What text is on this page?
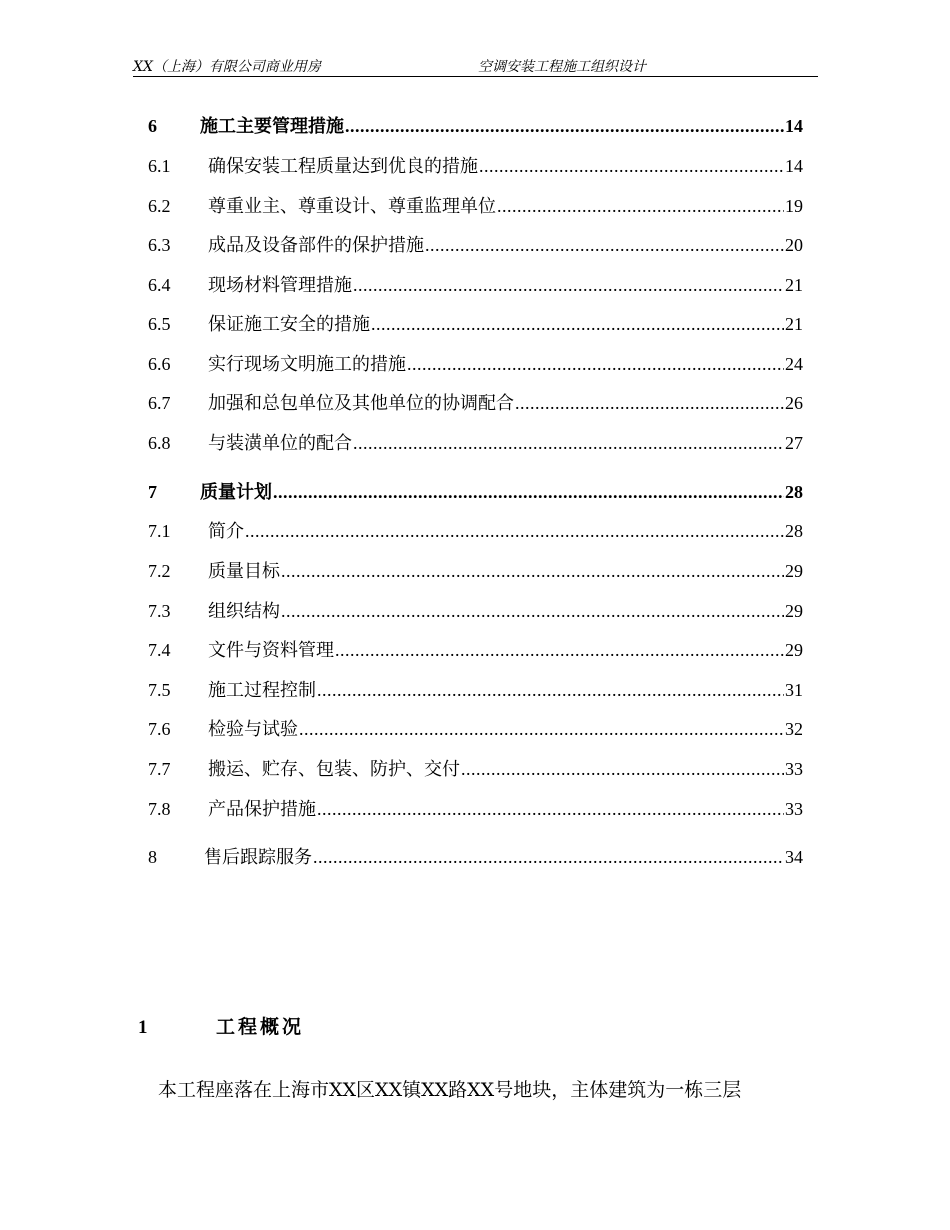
XX（上海）有限公司商业用房	空调安装工程施工组织设计
6	施工主要管理措施 .....	14
6.1	确保安装工程质量达到优良的措施 .....	14
6.2	尊重业主、尊重设计、尊重监理单位 .....	19
6.3	成品及设备部件的保护措施 .....	20
6.4	现场材料管理措施 .....	21
6.5	保证施工安全的措施 .....	21
6.6	实行现场文明施工的措施 .....	24
6.7	加强和总包单位及其他单位的协调配合 .....	26
6.8	与装潢单位的配合 .....	27
7	质量计划 .....	28
7.1	简介 .....	28
7.2	质量目标 .....	29
7.3	组织结构 .....	29
7.4	文件与资料管理 .....	29
7.5	施工过程控制 .....	31
7.6	检验与试验 .....	32
7.7	搬运、贮存、包装、防护、交付 .....	33
7.8	产品保护措施 .....	33
8	售后跟踪服务 .....	34
1	工程概况
本工程座落在上海市XX区XX镇XX路XX号地块，主体建筑为一栋三层
